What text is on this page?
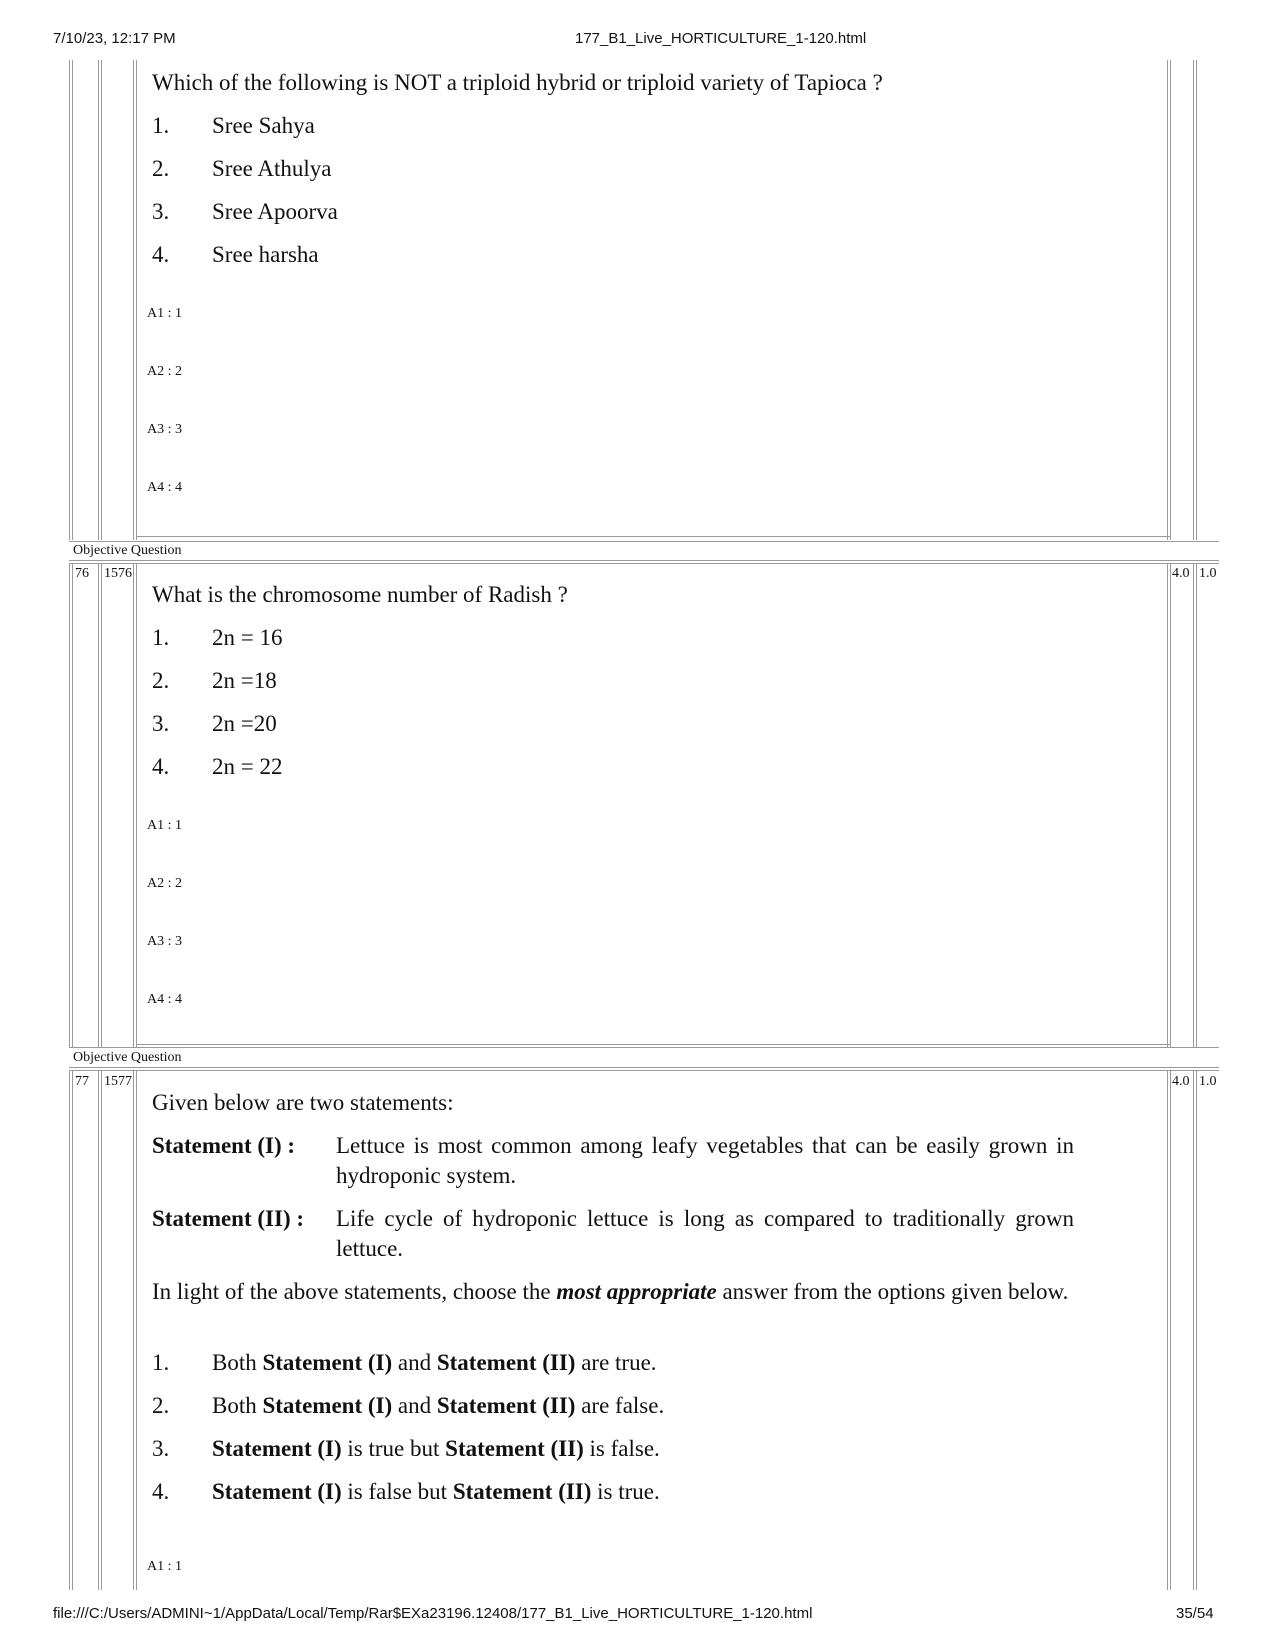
7/10/23, 12:17 PM	177_B1_Live_HORTICULTURE_1-120.html
Which of the following is NOT a triploid hybrid or triploid variety of Tapioca ?
1. Sree Sahya
2. Sree Athulya
3. Sree Apoorva
4. Sree harsha
A1 : 1
A2 : 2
A3 : 3
A4 : 4
Objective Question
76 1576	4.0 1.0
What is the chromosome number of Radish ?
1. 2n = 16
2. 2n =18
3. 2n =20
4. 2n = 22
A1 : 1
A2 : 2
A3 : 3
A4 : 4
Objective Question
77 1577	4.0 1.0
Given below are two statements:
Statement (I) : Lettuce is most common among leafy vegetables that can be easily grown in hydroponic system.
Statement (II) : Life cycle of hydroponic lettuce is long as compared to traditionally grown lettuce.
In light of the above statements, choose the most appropriate answer from the options given below.
1. Both Statement (I) and Statement (II) are true.
2. Both Statement (I) and Statement (II) are false.
3. Statement (I) is true but Statement (II) is false.
4. Statement (I) is false but Statement (II) is true.
A1 : 1
file:///C:/Users/ADMINI~1/AppData/Local/Temp/Rar$EXa23196.12408/177_B1_Live_HORTICULTURE_1-120.html	35/54
